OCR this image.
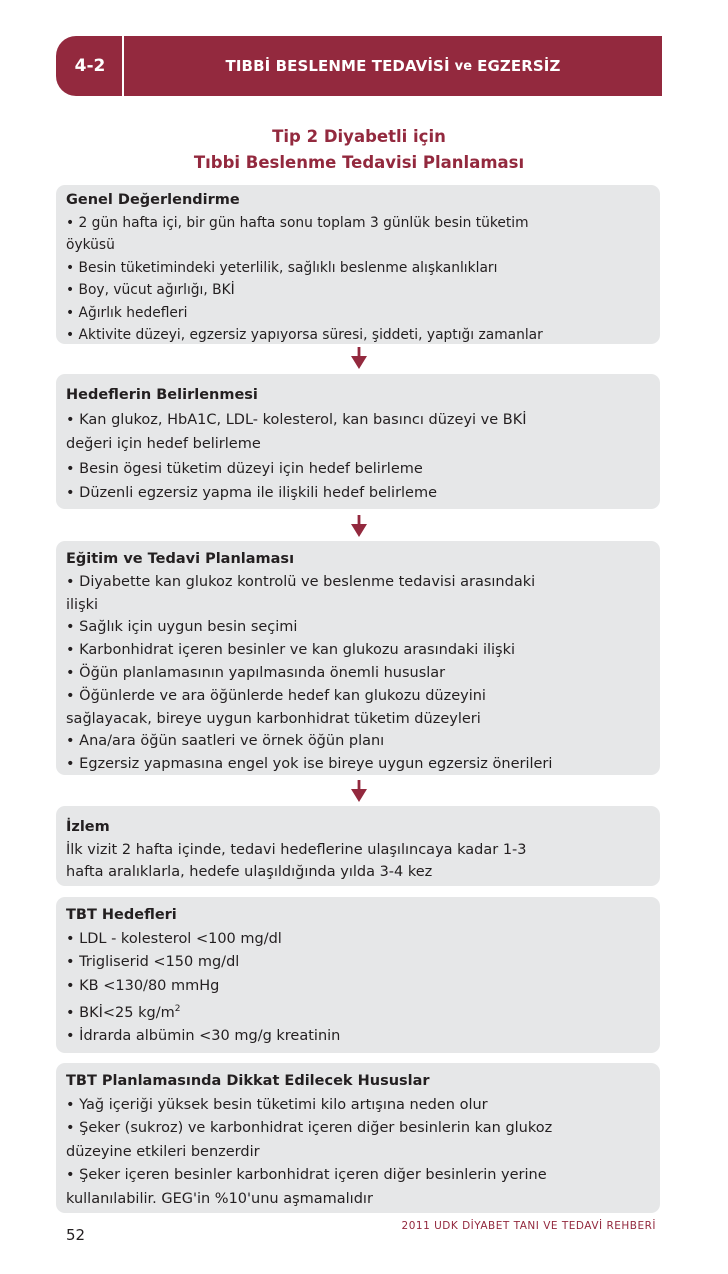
4-2	TIBBİ BESLENME TEDAVİSİ ve EGZERSİZ
Tip 2 Diyabetli için
Tıbbi Beslenme Tedavisi Planlaması
Genel Değerlendirme
• 2 gün hafta içi, bir gün hafta sonu toplam 3 günlük besin tüketim
öyküsü
• Besin tüketimindeki yeterlilik, sağlıklı beslenme alışkanlıkları
• Boy, vücut ağırlığı, BKİ
• Ağırlık hedefleri
• Aktivite düzeyi, egzersiz yapıyorsa süresi, şiddeti, yaptığı zamanlar
Hedeflerin Belirlenmesi
• Kan glukoz, HbA1C, LDL- kolesterol, kan basıncı düzeyi ve BKİ
değeri için hedef belirleme
• Besin ögesi tüketim düzeyi için hedef belirleme
• Düzenli egzersiz yapma ile ilişkili hedef belirleme
Eğitim ve Tedavi Planlaması
• Diyabette kan glukoz kontrolü ve beslenme tedavisi arasındaki
ilişki
• Sağlık için uygun besin seçimi
• Karbonhidrat içeren besinler ve kan glukozu arasındaki ilişki
• Öğün planlamasının yapılmasında önemli hususlar
• Öğünlerde ve ara öğünlerde hedef kan glukozu düzeyini
sağlayacak, bireye uygun karbonhidrat tüketim düzeyleri
• Ana/ara öğün saatleri ve örnek öğün planı
• Egzersiz yapmasına engel yok ise bireye uygun egzersiz önerileri
İzlem
İlk vizit 2 hafta içinde, tedavi hedeflerine ulaşılıncaya kadar 1-3
hafta aralıklarla, hedefe ulaşıldığında yılda 3-4 kez
TBT Hedefleri
• LDL - kolesterol <100 mg/dl
• Trigliserid <150 mg/dl
• KB <130/80 mmHg
• BKİ<25 $kg/m^2$
• İdrarda albümin <30 mg/g kreatinin
TBT Planlamasında Dikkat Edilecek Hususlar
• Yağ içeriği yüksek besin tüketimi kilo artışına neden olur
• Şeker (sukroz) ve karbonhidrat içeren diğer besinlerin kan glukoz
düzeyine etkileri benzerdir
• Şeker içeren besinler karbonhidrat içeren diğer besinlerin yerine
kullanılabilir. GEG'in %10'unu aşmamalıdır
52	2011 UDK DİYABET TANI VE TEDAVİ REHBERİ
